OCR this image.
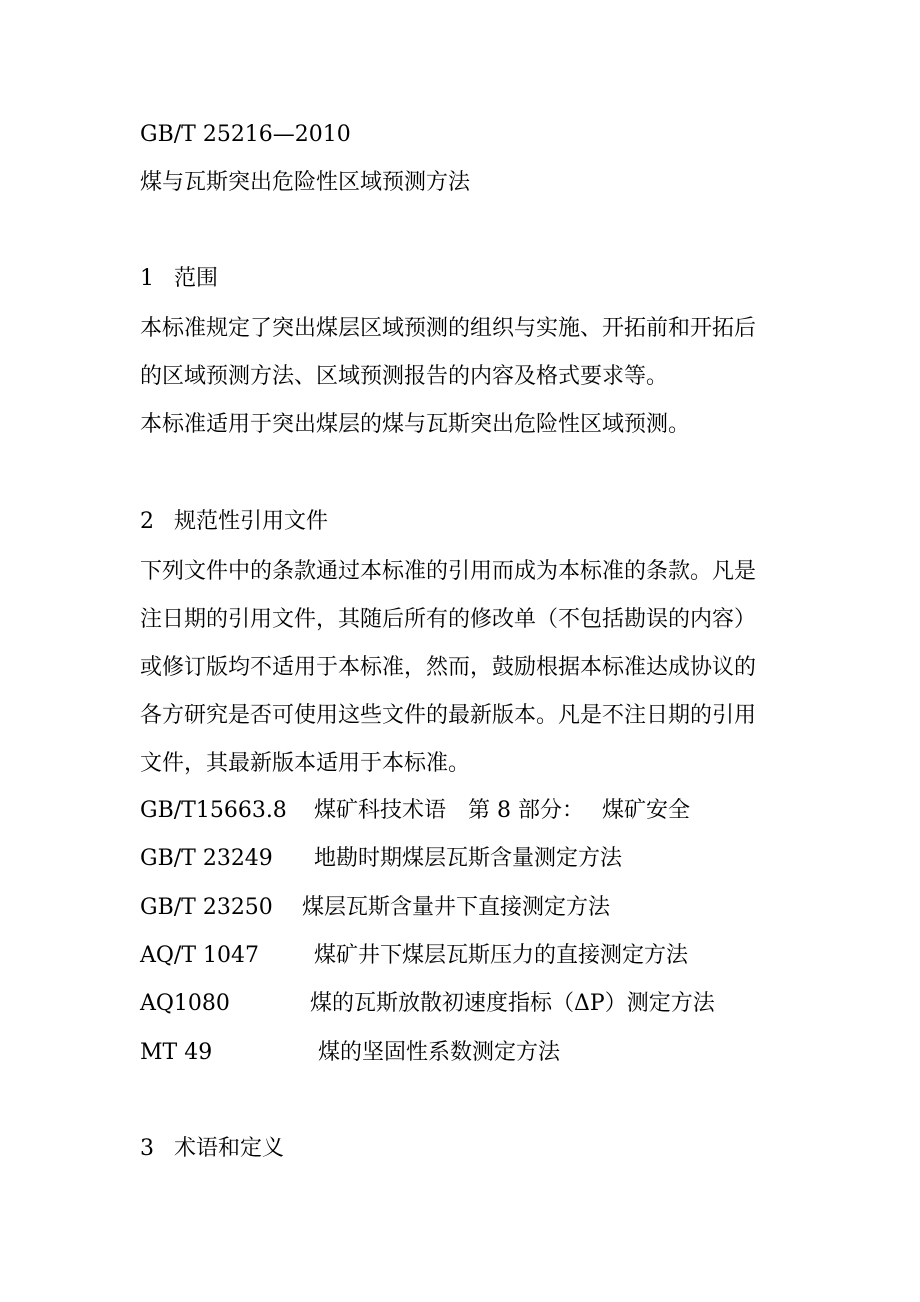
GB/T 25216—2010
煤与瓦斯突出危险性区域预测方法
1 范围
本标准规定了突出煤层区域预测的组织与实施、开拓前和开拓后
的区域预测方法、区域预测报告的内容及格式要求等。
本标准适用于突出煤层的煤与瓦斯突出危险性区域预测。
2 规范性引用文件
下列文件中的条款通过本标准的引用而成为本标准的条款。凡是
注日期的引用文件，其随后所有的修改单（不包括勘误的内容）
或修订版均不适用于本标准，然而，鼓励根据本标准达成协议的
各方研究是否可使用这些文件的最新版本。凡是不注日期的引用
文件，其最新版本适用于本标准。
GB/T15663.8 煤矿科技术语　第 8 部分：　 煤矿安全
GB/T 23249 地勘时期煤层瓦斯含量测定方法
GB/T 23250 煤层瓦斯含量井下直接测定方法
AQ/T 1047	煤矿井下煤层瓦斯压力的直接测定方法
AQ1080	煤的瓦斯放散初速度指标（ΔP）测定方法
MT 49	煤的坚固性系数测定方法
3 术语和定义
